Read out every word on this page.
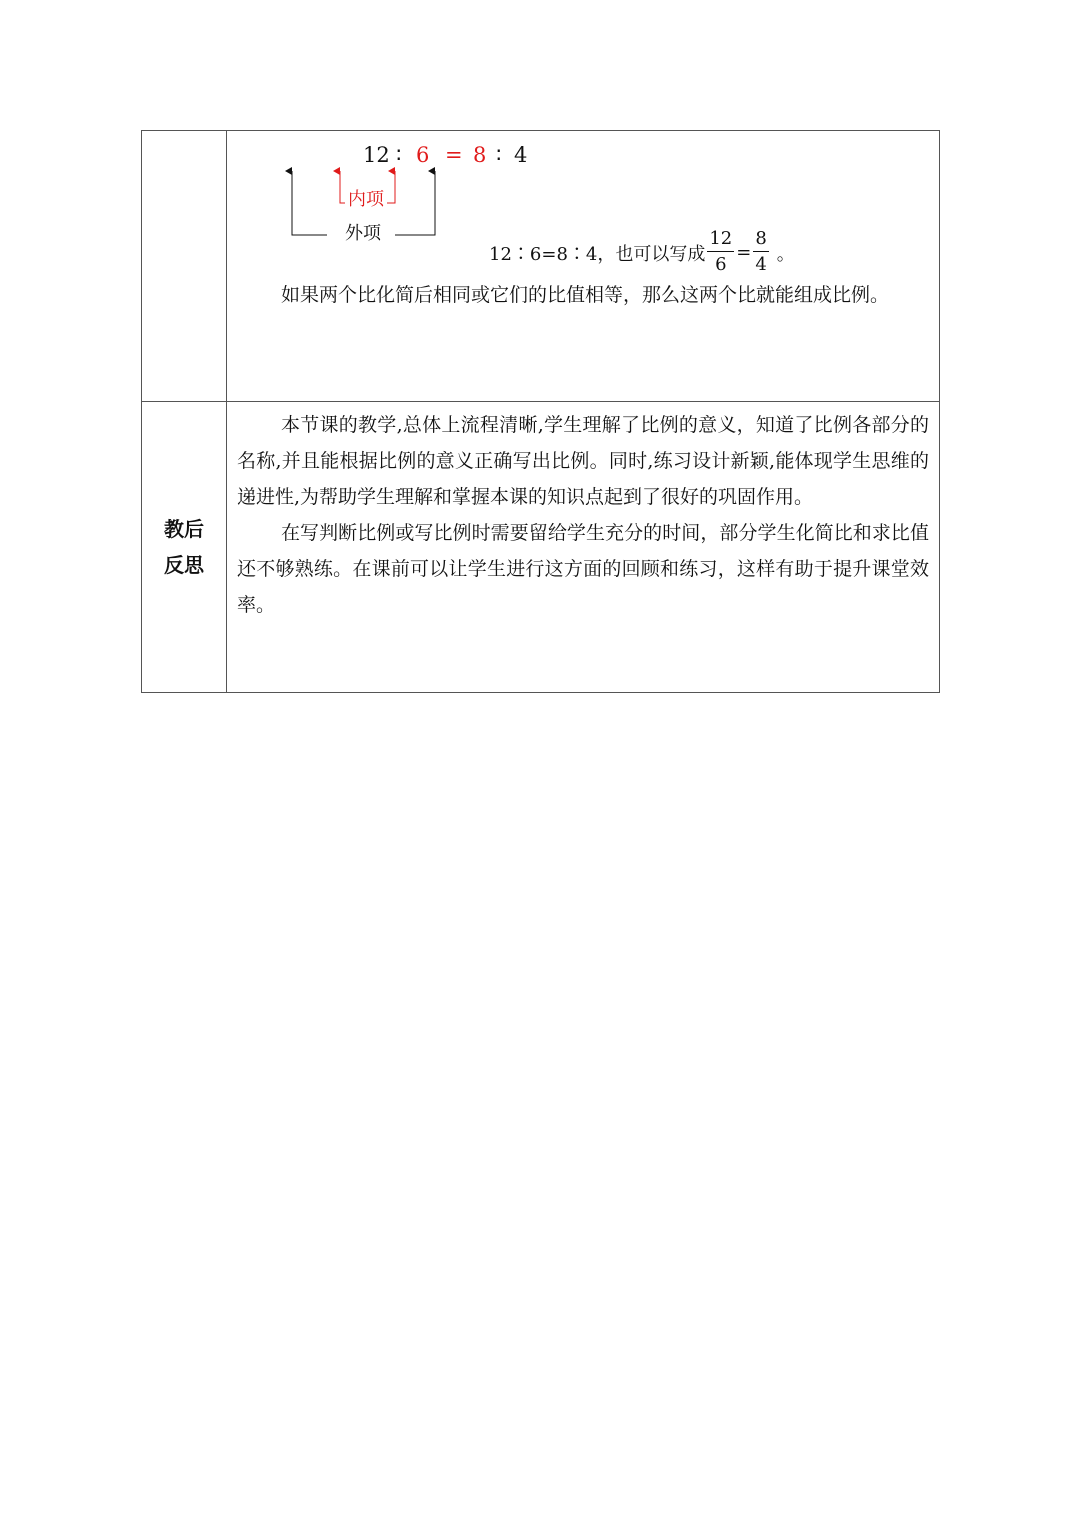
12 ∶ 6 = 8 ∶ 4
内项
外项
12∶6=8∶4，也可以写成 $\frac{12}{6} = \frac{8}{4}$ 。

如果两个比化简后相同或它们的比值相等，那么这两个比就能组成比例。

教后
反思

本节课的教学,总体上流程清晰,学生理解了比例的意义，知道了比例各部分的名称,并且能根据比例的意义正确写出比例。同时,练习设计新颖,能体现学生思维的递进性,为帮助学生理解和掌握本课的知识点起到了很好的巩固作用。

在写判断比例或写比例时需要留给学生充分的时间，部分学生化简比和求比值还不够熟练。在课前可以让学生进行这方面的回顾和练习，这样有助于提升课堂效率。
